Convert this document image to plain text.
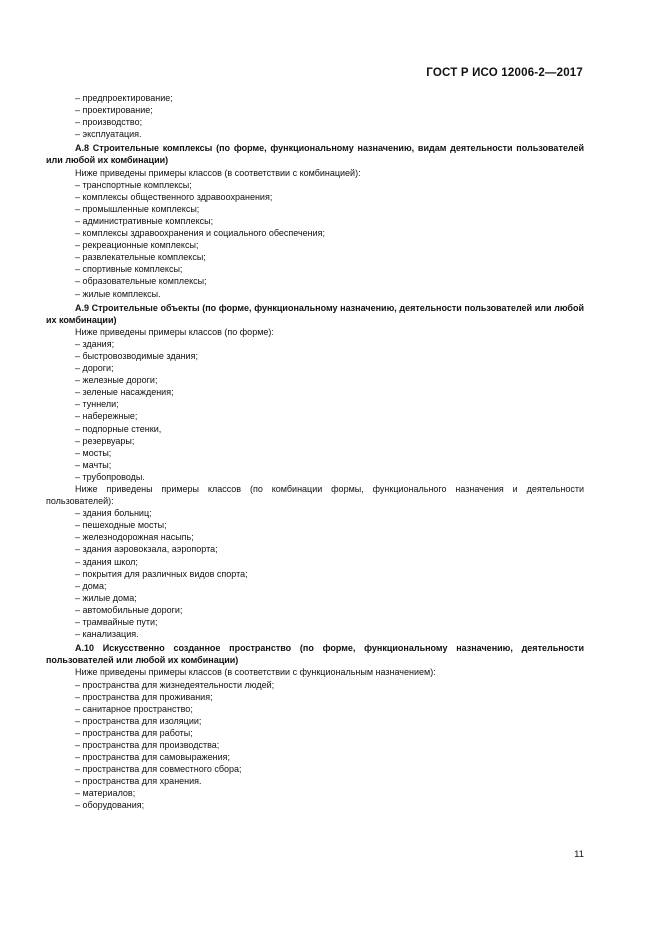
ГОСТ Р ИСО 12006-2—2017
– предпроектирование;
– проектирование;
– производство;
– эксплуатация.
А.8 Строительные комплексы (по форме, функциональному назначению, видам деятельности пользователей или любой их комбинации)
Ниже приведены примеры классов (в соответствии с комбинацией):
– транспортные комплексы;
– комплексы общественного здравоохранения;
– промышленные комплексы;
– административные комплексы;
– комплексы здравоохранения и социального обеспечения;
– рекреационные комплексы;
– развлекательные комплексы;
– спортивные комплексы;
– образовательные комплексы;
– жилые комплексы.
А.9 Строительные объекты (по форме, функциональному назначению, деятельности пользователей или любой их комбинации)
Ниже приведены примеры классов (по форме):
– здания;
– быстровозводимые здания;
– дороги;
– железные дороги;
– зеленые насаждения;
– туннели;
– набережные;
– подпорные стенки,
– резервуары;
– мосты;
– мачты;
– трубопроводы.
Ниже приведены примеры классов (по комбинации формы, функционального назначения и деятельности пользователей):
– здания больниц;
– пешеходные мосты;
– железнодорожная насыпь;
– здания аэровокзала, аэропорта;
– здания школ;
– покрытия для различных видов спорта;
– дома;
– жилые дома;
– автомобильные дороги;
– трамвайные пути;
– канализация.
А.10 Искусственно созданное пространство (по форме, функциональному назначению, деятельности пользователей или любой их комбинации)
Ниже приведены примеры классов (в соответствии с функциональным назначением):
– пространства для жизнедеятельности людей;
– пространства для проживания;
– санитарное пространство;
– пространства для изоляции;
– пространства для работы;
– пространства для производства;
– пространства для самовыражения;
– пространства для совместного сбора;
– пространства для хранения.
– материалов;
– оборудования;
11
